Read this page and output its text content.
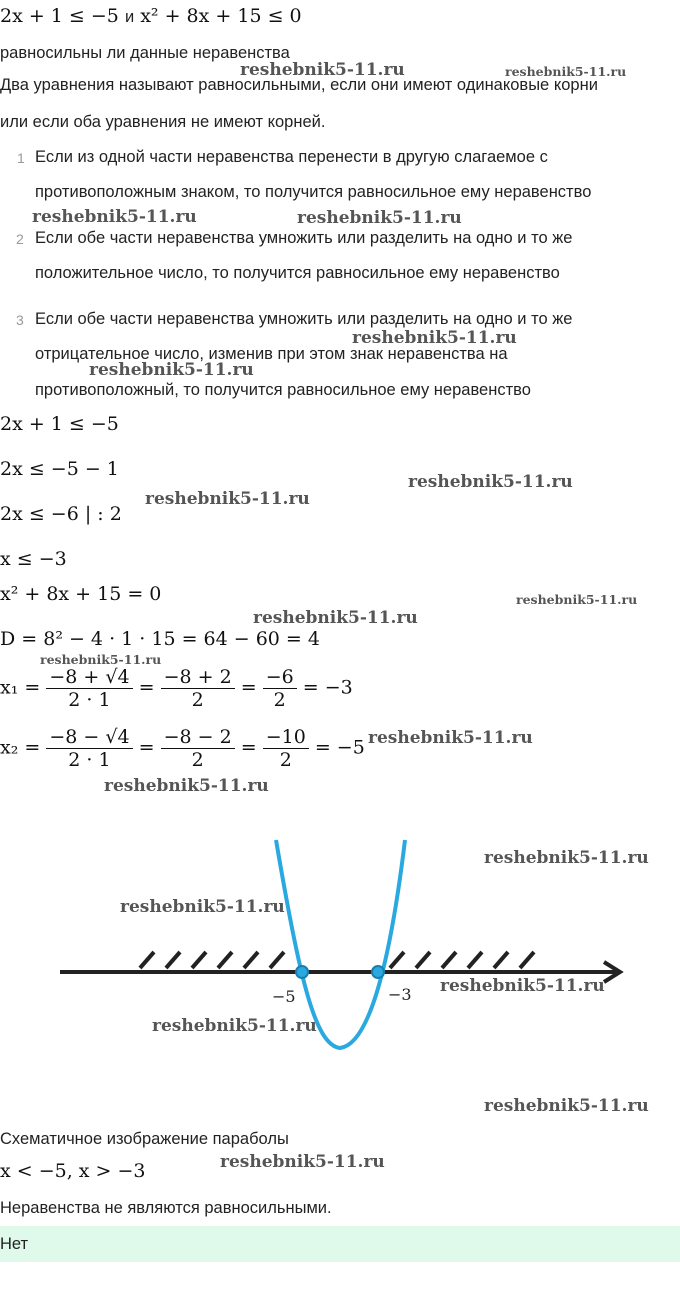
2x + 1 ≤ −5 и x² + 8x + 15 ≤ 0
равносильны ли данные неравенства
Два уравнения называют равносильными, если они имеют одинаковые корни
или если оба уравнения не имеют корней.
1 Если из одной части неравенства перенести в другую слагаемое с
противоположным знаком, то получится равносильное ему неравенство
2 Если обе части неравенства умножить или разделить на одно и то же
положительное число, то получится равносильное ему неравенство
3 Если обе части неравенства умножить или разделить на одно и то же
отрицательное число, изменив при этом знак неравенства на
противоположный, то получится равносильное ему неравенство
2x + 1 ≤ −5
2x ≤ −5 − 1
2x ≤ −6 | : 2
x ≤ −3
x² + 8x + 15 = 0
D = 8² − 4 · 1 · 15 = 64 − 60 = 4
$x_1 = \frac{-8 + √4}{2 \cdot 1} = \frac{-8 + 2}{2} = \frac{-6}{2} = -3$
$x_2 = \frac{-8 - √4}{2 \cdot 1} = \frac{-8 - 2}{2} = \frac{-10}{2} = -5$
−5	−3
Схематичное изображение параболы
x < −5, x > −3
Неравенства не являются равносильными.
Нет
reshebnik5-11.ru	reshebnik5-11.ru
reshebnik5-11.ru	reshebnik5-11.ru
reshebnik5-11.ru
reshebnik5-11.ru
reshebnik5-11.ru
reshebnik5-11.ru
reshebnik5-11.ru
reshebnik5-11.ru
reshebnik5-11.ru
reshebnik5-11.ru
reshebnik5-11.ru
reshebnik5-11.ru
reshebnik5-11.ru
reshebnik5-11.ru
reshebnik5-11.ru
reshebnik5-11.ru
reshebnik5-11.ru
